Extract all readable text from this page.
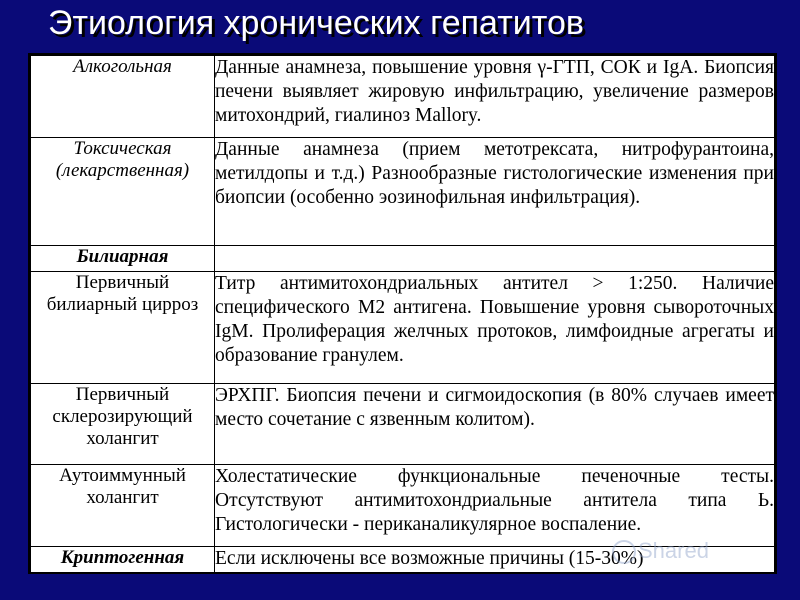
Этиология хронических гепатитов
Алкогольная	Данные анамнеза, повышение уровня γ-ГТП, СОК и IgA. Биопсия печени выявляет жировую инфильтрацию, увеличение размеров митохондрий, гиалиноз Mallory.
Токсическая (лекарственная)	Данные анамнеза (прием метотрексата, нитрофурантоина, метилдопы и т.д.) Разнообразные гистологические изменения при биопсии (особенно эозинофильная инфильтрация).
Билиарная	
Первичный билиарный цирроз	Титр антимитохондриальных антител > 1:250. Наличие специфического M2 антигена. Повышение уровня сывороточных IgM. Пролиферация желчных протоков, лимфоидные агрегаты и образование гранулем.
Первичный склерозирующий холангит	ЭРХПГ. Биопсия печени и сигмоидоскопия (в 80% случаев имеет место сочетание с язвенным колитом).
Аутоиммунный холангит	Холестатические функциональные печеночные тесты. Отсутствуют антимитохондриальные антитела типа Ь. Гистологически - периканаликулярное воспаление.
Криптогенная	Если исключены все возможные причины (15-30%)
Shared
